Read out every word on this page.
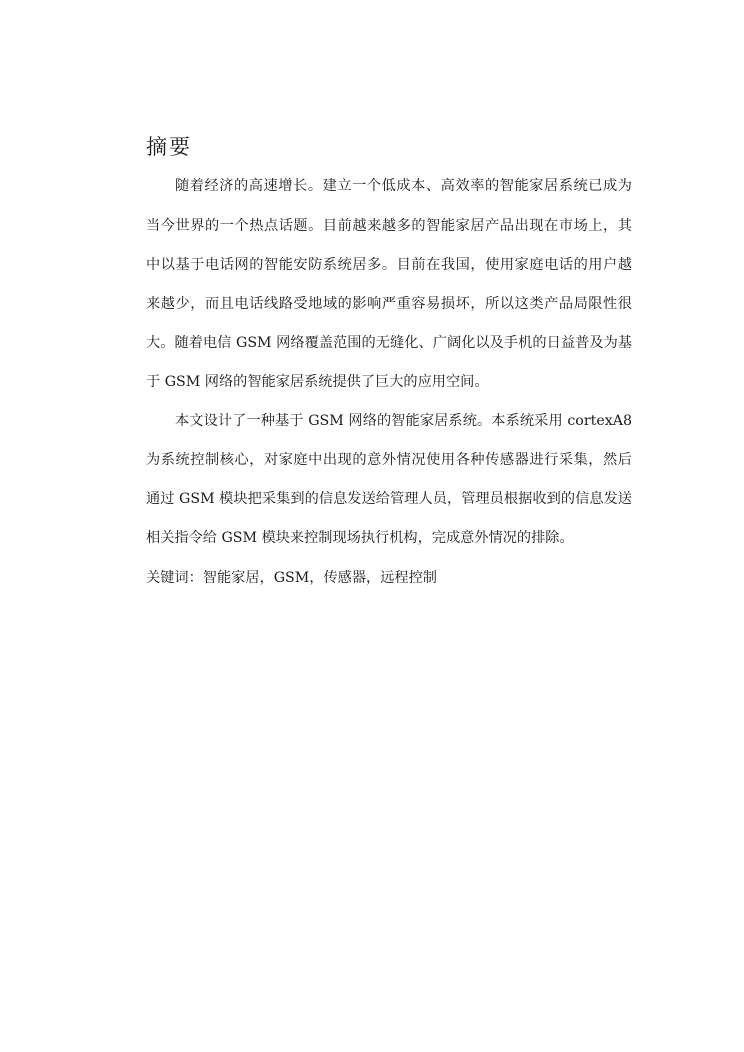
摘要
随着经济的高速增长。建立一个低成本、高效率的智能家居系统已成为
当今世界的一个热点话题。目前越来越多的智能家居产品出现在市场上，其
中以基于电话网的智能安防系统居多。目前在我国，使用家庭电话的用户越
来越少，而且电话线路受地域的影响严重容易损坏，所以这类产品局限性很
大。随着电信 GSM 网络覆盖范围的无缝化、广阔化以及手机的日益普及为基
于 GSM 网络的智能家居系统提供了巨大的应用空间。
本文设计了一种基于 GSM 网络的智能家居系统。本系统采用 cortexA8
为系统控制核心，对家庭中出现的意外情况使用各种传感器进行采集，然后
通过 GSM 模块把采集到的信息发送给管理人员，管理员根据收到的信息发送
相关指令给 GSM 模块来控制现场执行机构，完成意外情况的排除。
关键词：智能家居，GSM，传感器，远程控制
